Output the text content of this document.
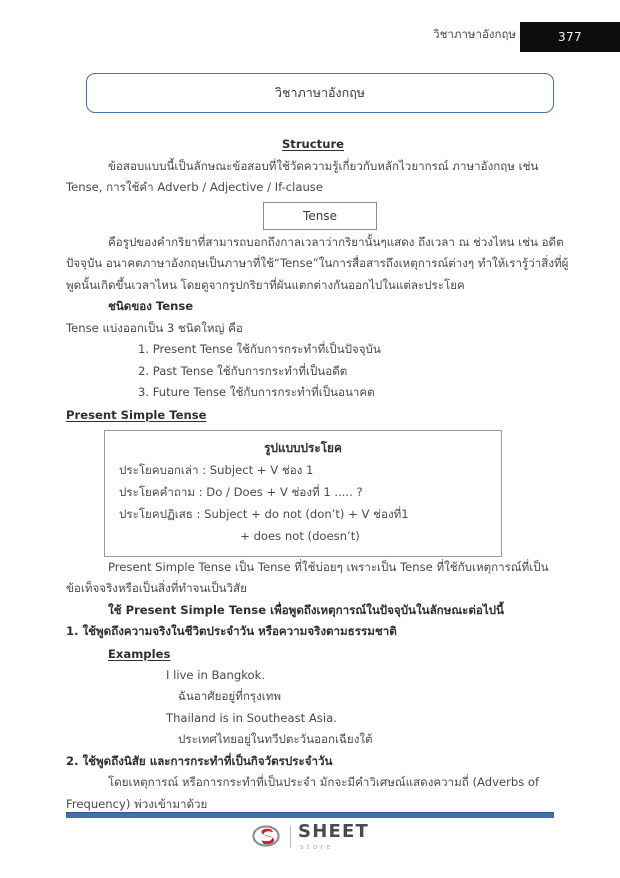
วิชาภาษาอังกฤษ	377
วิชาภาษาอังกฤษ
Structure
ข้อสอบแบบนี้เป็นลักษณะข้อสอบที่ใช้วัดความรู้เกี่ยวกับหลักไวยากรณ์ ภาษาอังกฤษ เช่น
Tense, การใช้คำ Adverb / Adjective / If-clause
Tense
คือรูปของคำกริยาที่สามารถบอกถึงกาลเวลาว่ากริยานั้นๆแสดง ถึงเวลา ณ ช่วงไหน เช่น อดีต
ปัจจุบัน อนาคตภาษาอังกฤษเป็นภาษาที่ใช้“Tense”ในการสื่อสารถึงเหตุการณ์ต่างๆ ทำให้เรารู้ว่าสิ่งที่ผู้
พูดนั้นเกิดขึ้นเวลาไหน โดยดูจากรูปกริยาที่ผันแตกต่างกันออกไปในแต่ละประโยค
ชนิดของ Tense
Tense แบ่งออกเป็น 3 ชนิดใหญ่ คือ
1. Present Tense ใช้กับการกระทำที่เป็นปัจจุบัน
2. Past Tense ใช้กับการกระทำที่เป็นอดีต
3. Future Tense ใช้กับการกระทำที่เป็นอนาคต
Present Simple Tense
รูปแบบประโยค
ประโยคบอกเล่า : Subject + V ช่อง 1
ประโยคคำถาม : Do / Does + V ช่องที่ 1 ..... ?
ประโยคปฏิเสธ : Subject + do not (don’t) + V ช่องที่1
+ does not (doesn’t)
Present Simple Tense เป็น Tense ที่ใช้บ่อยๆ เพราะเป็น Tense ที่ใช้กับเหตุการณ์ที่เป็น
ข้อเท็จจริงหรือเป็นสิ่งที่ทำจนเป็นวิสัย
ใช้ Present Simple Tense เพื่อพูดถึงเหตุการณ์ในปัจจุบันในลักษณะต่อไปนี้
1. ใช้พูดถึงความจริงในชีวิตประจำวัน หรือความจริงตามธรรมชาติ
Examples
I live in Bangkok.
ฉันอาศัยอยู่ที่กรุงเทพ
Thailand is in Southeast Asia.
ประเทศไทยอยู่ในทวีปตะวันออกเฉียงใต้
2. ใช้พูดถึงนิสัย และการกระทำที่เป็นกิจวัตรประจำวัน
โดยเหตุการณ์ หรือการกระทำที่เป็นประจำ มักจะมีคำวิเศษณ์แสดงความถี่ (Adverbs of
Frequency) พ่วงเข้ามาด้วย
SHEET
store
